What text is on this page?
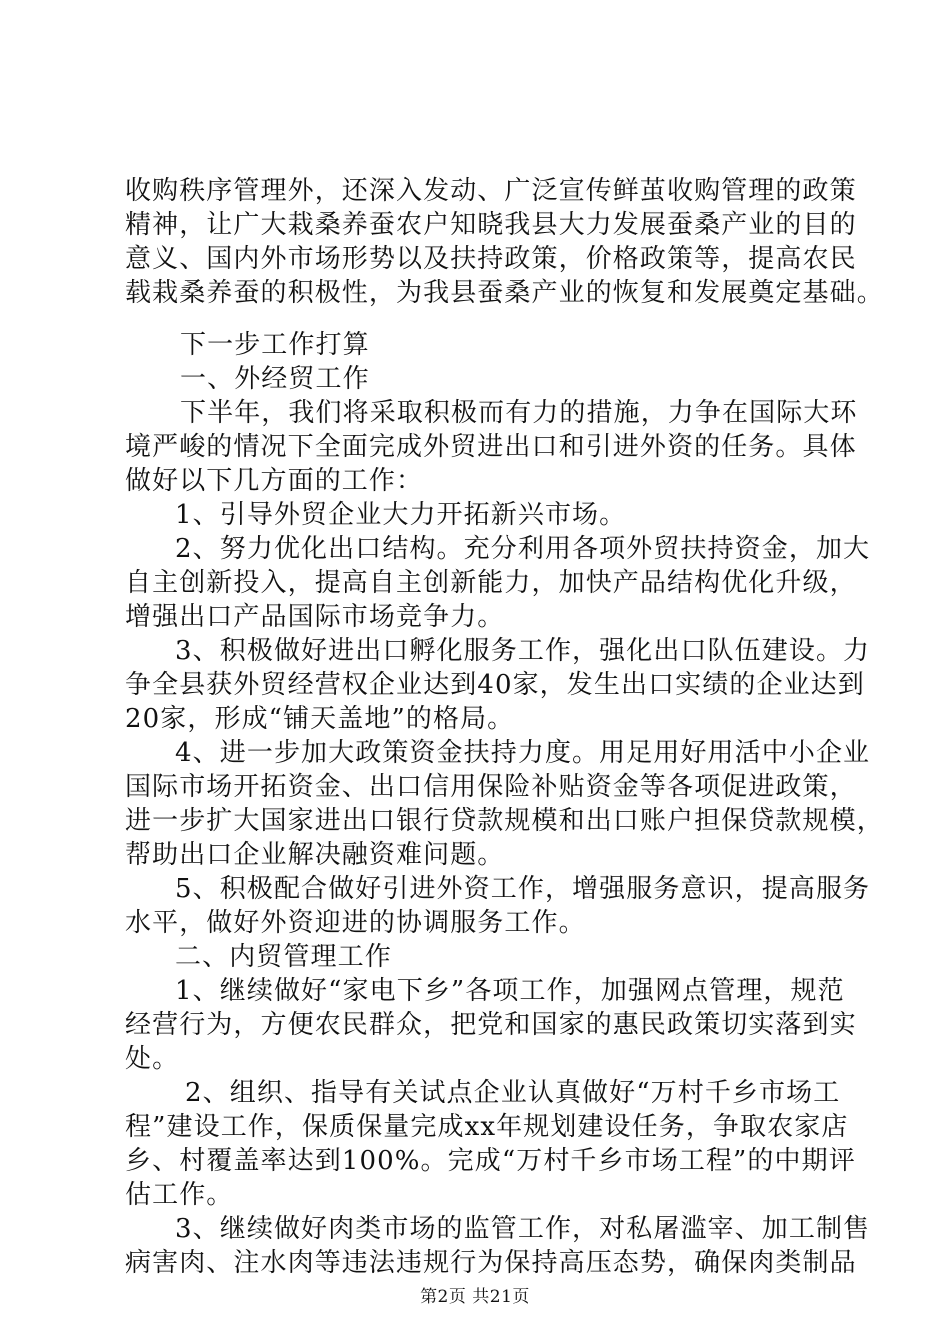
收购秩序管理外，还深入发动、广泛宣传鲜茧收购管理的政策
精神，让广大栽桑养蚕农户知晓我县大力发展蚕桑产业的目的
意义、国内外市场形势以及扶持政策，价格政策等，提高农民
载栽桑养蚕的积极性，为我县蚕桑产业的恢复和发展奠定基础。
下一步工作打算
一、外经贸工作
下半年，我们将采取积极而有力的措施，力争在国际大环
境严峻的情况下全面完成外贸进出口和引进外资的任务。具体
做好以下几方面的工作：
1、引导外贸企业大力开拓新兴市场。
2、努力优化出口结构。充分利用各项外贸扶持资金，加大
自主创新投入，提高自主创新能力，加快产品结构优化升级，
增强出口产品国际市场竞争力。
3、积极做好进出口孵化服务工作，强化出口队伍建设。力
争全县获外贸经营权企业达到40家，发生出口实绩的企业达到
20家，形成“铺天盖地”的格局。
4、进一步加大政策资金扶持力度。用足用好用活中小企业
国际市场开拓资金、出口信用保险补贴资金等各项促进政策，
进一步扩大国家进出口银行贷款规模和出口账户担保贷款规模，
帮助出口企业解决融资难问题。
5、积极配合做好引进外资工作，增强服务意识，提高服务
水平，做好外资迎进的协调服务工作。
二、内贸管理工作
1、继续做好“家电下乡”各项工作，加强网点管理，规范
经营行为，方便农民群众，把党和国家的惠民政策切实落到实
处。
2、组织、指导有关试点企业认真做好“万村千乡市场工
程”建设工作，保质保量完成xx年规划建设任务，争取农家店
乡、村覆盖率达到100%。完成“万村千乡市场工程”的中期评
估工作。
3、继续做好肉类市场的监管工作，对私屠滥宰、加工制售
病害肉、注水肉等违法违规行为保持高压态势，确保肉类制品
第2页 共21页
